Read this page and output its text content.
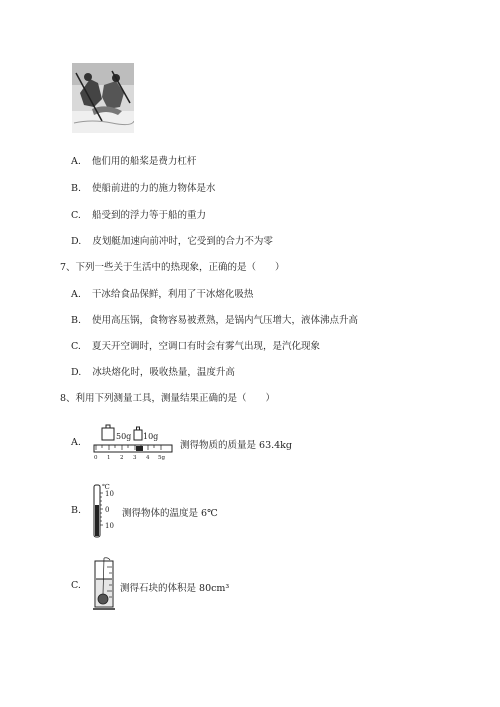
A. 他们用的船桨是费力杠杆
B. 使船前进的力的施力物体是水
C. 船受到的浮力等于船的重力
D. 皮划艇加速向前冲时，它受到的合力不为零
7、下列一些关于生活中的热现象，正确的是（　　）
A. 干冰给食品保鲜，利用了干冰熔化吸热
B. 使用高压锅，食物容易被煮熟，是锅内气压增大，液体沸点升高
C. 夏天开空调时，空调口有时会有雾气出现，是汽化现象
D. 冰块熔化时，吸收热量，温度升高
8、利用下列测量工具，测量结果正确的是（　　）
A.
50g 10g
0 1 2 3 4 5g
测得物质的质量是 63.4kg
B.
℃
10
0
10
测得物体的温度是 6℃
C.	测得石块的体积是 80cm³
